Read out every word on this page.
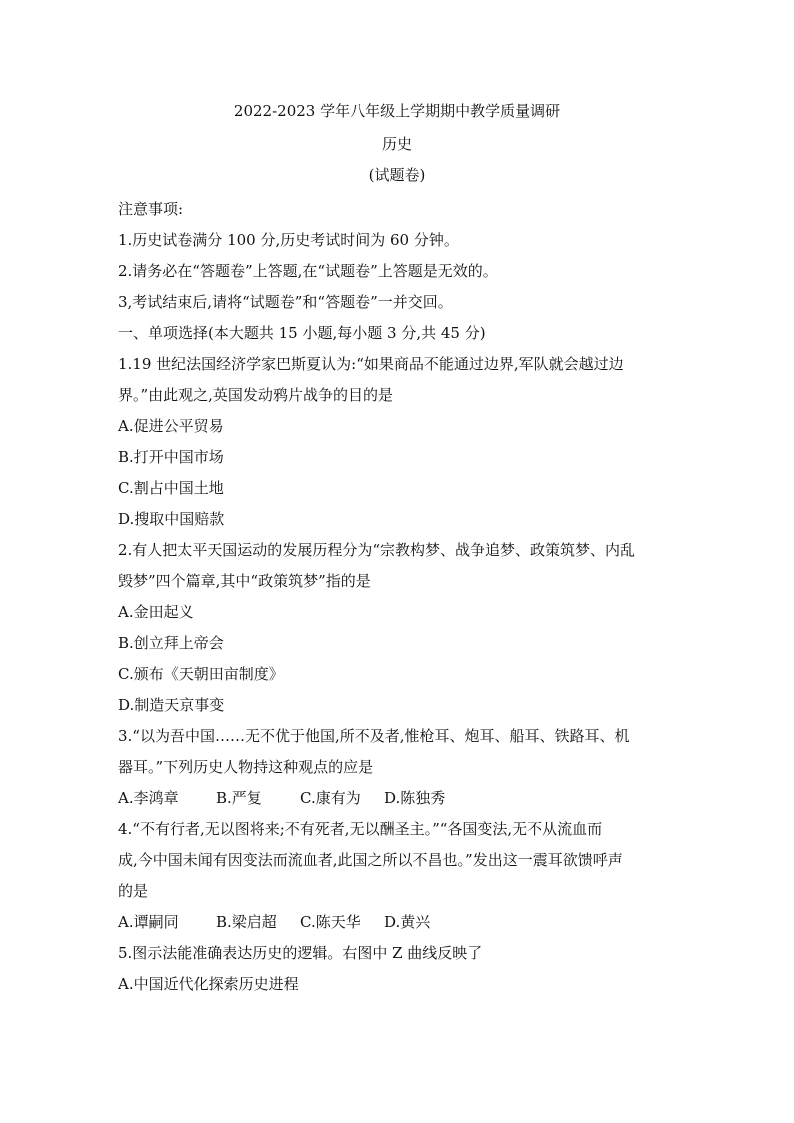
2022-2023 学年八年级上学期期中教学质量调研
历史
(试题卷)
注意事项:
1.历史试卷满分 100 分,历史考试时间为 60 分钟。
2.请务必在“答题卷”上答题,在“试题卷”上答题是无效的。
3,考试结束后,请将“试题卷”和“答题卷”一并交回。
一、单项选择(本大题共 15 小题,每小题 3 分,共 45 分)
1.19 世纪法国经济学家巴斯夏认为:“如果商品不能通过边界,军队就会越过边
界。”由此观之,英国发动鸦片战争的目的是
A.促进公平贸易
B.打开中国市场
C.割占中国土地
D.搜取中国赔款
2.有人把太平天国运动的发展历程分为“宗教构梦、战争追梦、政策筑梦、内乱
毁梦”四个篇章,其中“政策筑梦”指的是
A.金田起义
B.创立拜上帝会
C.颁布《天朝田亩制度》
D.制造天京事变
3.“以为吾中国……无不优于他国,所不及者,惟枪耳、炮耳、船耳、铁路耳、机
器耳。”下列历史人物持这种观点的应是
A.李鸿章	B.严复	C.康有为	D.陈独秀
4.“不有行者,无以图将来;不有死者,无以酬圣主。”“各国变法,无不从流血而
成,今中国未闻有因变法而流血者,此国之所以不昌也。”发出这一震耳欲馈呼声
的是
A.谭嗣同	B.梁启超	C.陈天华	D.黄兴
5.图示法能准确表达历史的逻辑。右图中 Z 曲线反映了
A.中国近代化探索历史进程
